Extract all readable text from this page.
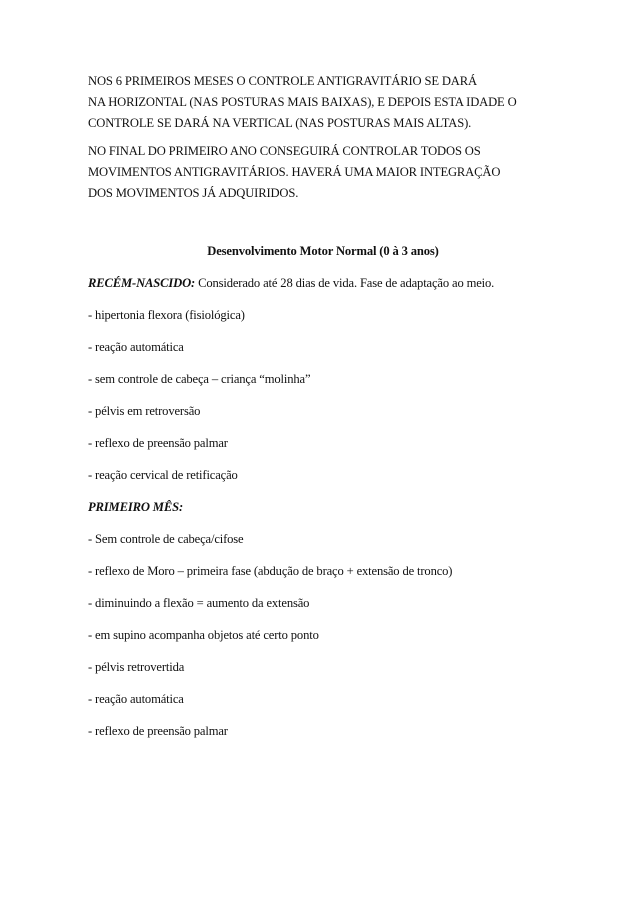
NOS 6 PRIMEIROS MESES O CONTROLE ANTIGRAVITÁRIO SE DARÁ
NA HORIZONTAL (NAS POSTURAS MAIS BAIXAS), E DEPOIS ESTA IDADE O
CONTROLE SE DARÁ NA VERTICAL (NAS POSTURAS MAIS ALTAS).

NO FINAL DO PRIMEIRO ANO CONSEGUIRÁ CONTROLAR TODOS OS
MOVIMENTOS ANTIGRAVITÁRIOS. HAVERÁ UMA MAIOR INTEGRAÇÃO
DOS MOVIMENTOS JÁ ADQUIRIDOS.

Desenvolvimento Motor Normal (0 à 3 anos)

RECÉM-NASCIDO: Considerado até 28 dias de vida. Fase de adaptação ao meio.

- hipertonia flexora (fisiológica)

- reação automática

- sem controle de cabeça – criança “molinha”

- pélvis em retroversão

- reflexo de preensão palmar

- reação cervical de retificação

PRIMEIRO MÊS:

- Sem controle de cabeça/cifose

- reflexo de Moro – primeira fase (abdução de braço + extensão de tronco)

- diminuindo a flexão = aumento da extensão

- em supino acompanha objetos até certo ponto

- pélvis retrovertida

- reação automática

- reflexo de preensão palmar
